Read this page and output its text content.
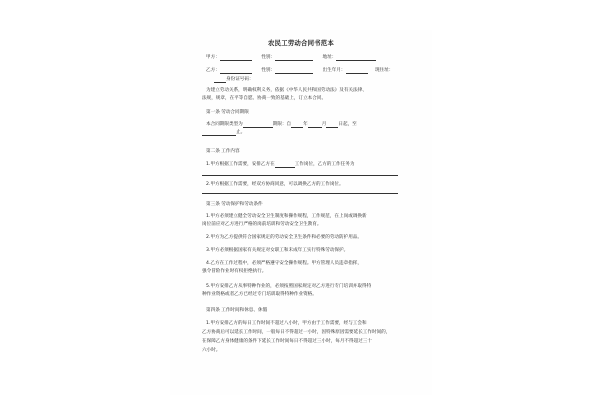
农民工劳动合同书范本
甲方：	性别：	地址：
乙方：	性别：	出生年月：	现住址：
身份证号码：
为建立劳动关系，明确权利义务，依据《中华人民共和国劳动法》及有关法律、
法规，规章，在平等自愿、协商一致的基础上，订立本合同。
第一条 劳动合同期限
本合同期限类型为	期限：自	年	月	日起，至
止。
第二条 工作内容
1.甲方根据工作需要，安排乙方在	工作岗位，乙方的工作任务为
2.甲方根据工作需要，经双方协商同意，可以调换乙方的工作岗位。
第三条 劳动保护和劳动条件
1.甲方必须建立健全劳动安全卫生制度和操作规程，工作规范，在上岗或调换新
岗位前应对乙方进行严格的岗前培训和劳动安全卫生教育。
2.甲方为乙方提供符合国家规定的劳动安全卫生条件和必要的劳动防护用品。
3.甲方必须根据国家有关规定对女职工和未成年工实行特殊劳动保护。
4.乙方在工作过程中，必须严格遵守安全操作规程。甲方管理人员违章指挥，
强令冒险作业时有权拒绝执行。
5.甲方安排乙方从事特种作业的，必须按照国家规定对乙方进行专门培训并取得特
种作业资格或者乙方已经过专门培训取得特种作业资格。
第四条 工作时间和休息、休假
1.甲方安排乙方的每日工作时间不超过八小时，甲方由于工作需要，经与工会和
乙方协商后可以延长工作时间，一般每日不得超过一小时，因特殊原因需要延长工作时间的，
在保障乙方身体健康的条件下延长工作时间每日不得超过三小时，每月不得超过三十
六小时。
